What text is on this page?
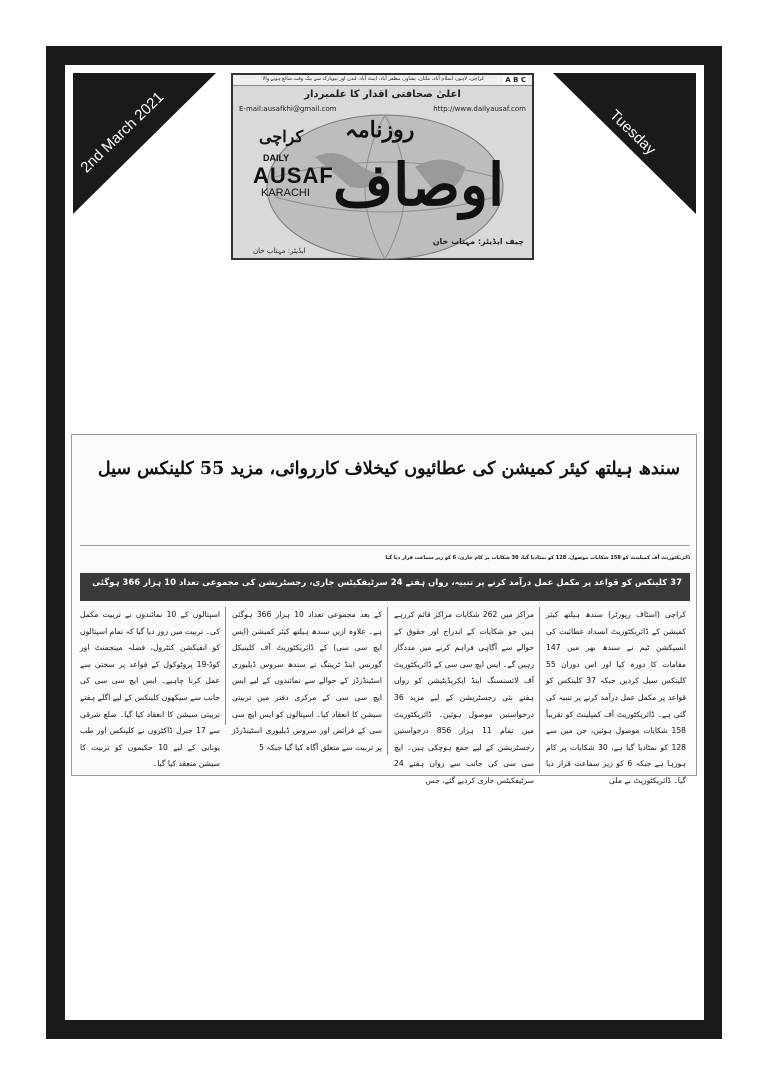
2nd March 2021	Tuesday
کراچی، لاہور، اسلام آباد، ملتان، پشاور، مظفر آباد، ایبٹ آباد، لندن اور نیویارک سے بیک وقت شائع ہونے والا	A B C
اعلیٰ صحافتی اقدار کا علمبردار
E-mail:ausafkhi@gmail.com	http://www.dailyausaf.com
DAILY
AUSAF
KARACHI
روزنامہ
کراچی
اوصاف
چیف ایڈیٹر: مہتاب خان
ایڈیٹر: مہتاب خان
سندھ ہیلتھ کیئر کمیشن کی عطائیوں کیخلاف کارروائی، مزید 55 کلینکس سیل
ڈائریکٹوریٹ آف کمپلینٹ کو 158 شکایات موصول، 128 کو نمٹادیا گیا، 30 شکایات پر کام جاری، 6 کو زیر سماعت قرار دیا گیا
37 کلینکس کو قواعد پر مکمل عمل درآمد کرنے پر تنبیہ، رواں ہفتے 24 سرٹیفکیٹس جاری، رجسٹریشن کی مجموعی تعداد 10 ہزار 366 ہوگئی
کراچی (اسٹاف رپورٹر) سندھ ہیلتھ کیئر کمیشن کے ڈائریکٹوریٹ انسداد عطائیت کی انسپکشن ٹیم نے سندھ بھر میں 147 مقامات کا دورہ کیا اور اس دوران 55 کلینکس سیل کردیں جبکہ 37 کلینکس کو قواعد پر مکمل عمل درآمد کرنے پر تنبیہ کی گئی ہے۔ ڈائریکٹوریٹ آف کمپلینٹ کو تقریباً 158 شکایات موصول ہوئیں، جن میں سے 128 کو نمٹادیا گیا ہے، 30 شکایات پر کام ہورہا ہے جبکہ 6 کو زیر سماعت قرار دیا گیا۔ ڈائریکٹوریٹ نے ملی
مراکز میں 262 شکایات مراکز قائم کررہے ہیں جو شکایات کے اندراج اور حقوق کے حوالے سے آگاہی فراہم کرنے میں مددگار رہیں گے۔ ایس ایچ سی سی کے ڈائریکٹوریٹ آف لائسنسنگ اینڈ ایکریڈیٹیشن کو رواں ہفتے نئی رجسٹریشن کے لیے مزید 36 درخواستیں موصول ہوئیں۔ ڈائریکٹوریٹ میں تمام 11 ہزار 856 درخواستیں رجسٹریشن کے لیے جمع ہوچکی ہیں۔ ایچ سی سی کی جانب سے رواں ہفتے 24 سرٹیفکیٹس جاری کردیے گئے، جس
کے بعد مجموعی تعداد 10 ہزار 366 ہوگئی ہے۔ علاوہ ازیں سندھ ہیلتھ کیئر کمیشن (ایس ایچ سی سی) کے ڈائریکٹوریٹ آف کلینیکل گورنس اینڈ ٹریننگ نے سندھ سروس ڈیلیوری اسٹینڈرڈز کے حوالے سے نمائندوں کے لیے ایس ایچ سی سی کے مرکزی دفتر میں تربیتی سیشن کا انعقاد کیا۔ اسپتالوں کو ایس ایچ سی سی کے فرائض اور سروس ڈیلیوری اسٹینڈرڈز پر تربیت سے متعلق آگاہ کیا گیا جبکہ 5
اسپتالوں کے 10 نمائندوں نے تربیت مکمل کی۔ تربیت میں زور دیا گیا کہ تمام اسپتالوں کو انفیکشن کنٹرول، فضلہ مینجمنٹ اور کوڈ-19 پروٹوکول کے قواعد پر سختی سے عمل کرنا چاہیے۔ ایس ایچ سی سی کی جانب سے سیکھوں کلینکس کے لیے اگلے ہفتے تربیتی سیشن کا انعقاد کیا گیا۔ ضلع شرقی سے 17 جنرل ڈاکٹروں نے کلینکس اور طب یونانی کے لیے 10 حکیموں کو تربیت کا سیشن منعقد کیا گیا۔
